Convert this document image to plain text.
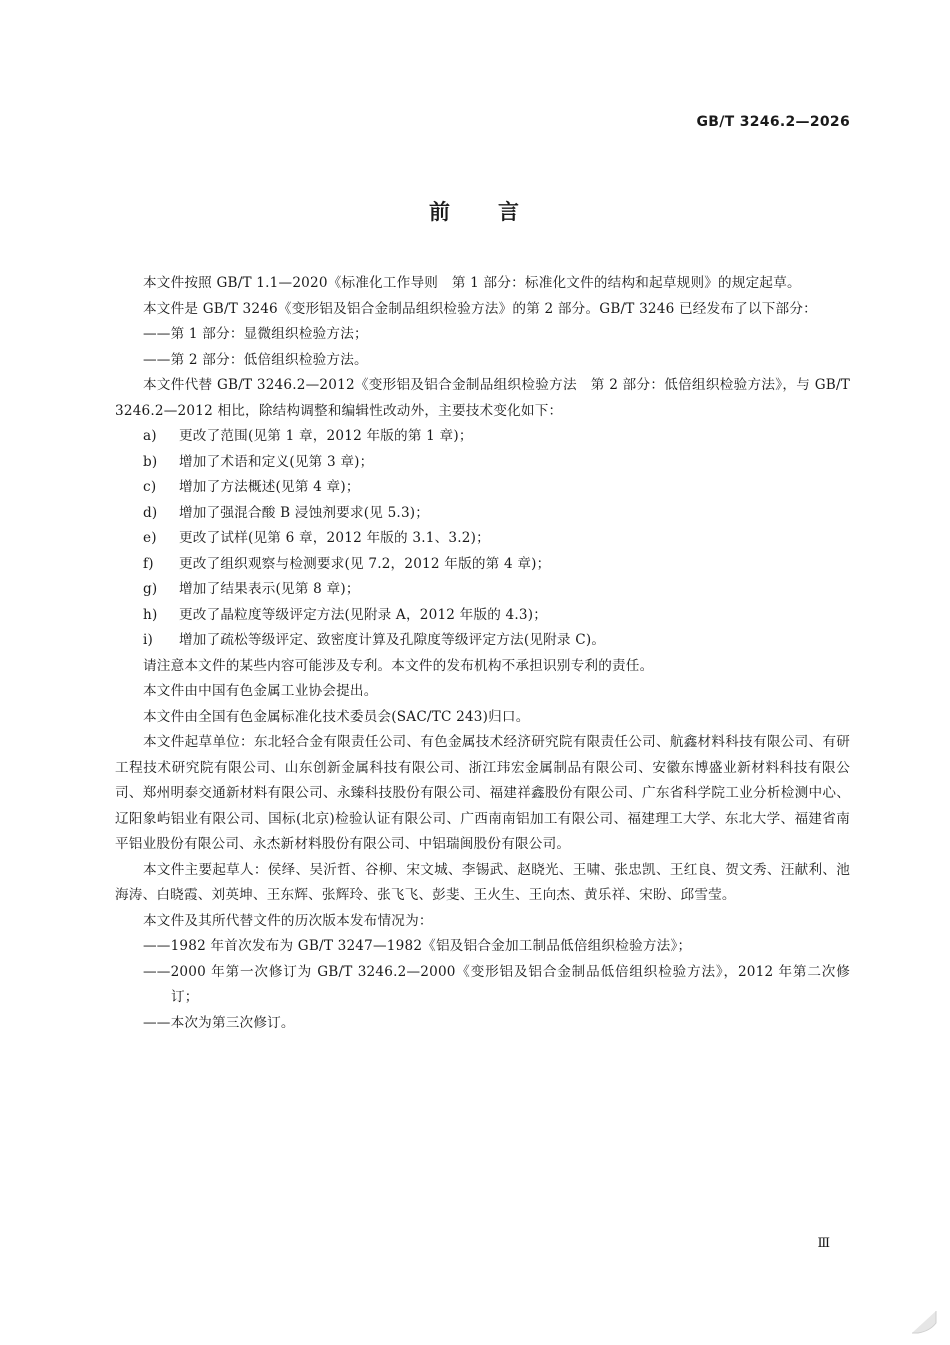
GB/T 3246.2—2026
前 言

本文件按照 GB/T 1.1—2020《标准化工作导则　第 1 部分：标准化文件的结构和起草规则》的规定起草。

本文件是 GB/T 3246《变形铝及铝合金制品组织检验方法》的第 2 部分。GB/T 3246 已经发布了以下部分：

——第 1 部分：显微组织检验方法；

——第 2 部分：低倍组织检验方法。

本文件代替 GB/T 3246.2—2012《变形铝及铝合金制品组织检验方法　第 2 部分：低倍组织检验方法》，与 GB/T 3246.2—2012 相比，除结构调整和编辑性改动外，主要技术变化如下：

a) 更改了范围(见第 1 章，2012 年版的第 1 章)；

b) 增加了术语和定义(见第 3 章)；

c) 增加了方法概述(见第 4 章)；

d) 增加了强混合酸 B 浸蚀剂要求(见 5.3)；

e) 更改了试样(见第 6 章，2012 年版的 3.1、3.2)；

f) 更改了组织观察与检测要求(见 7.2，2012 年版的第 4 章)；

g) 增加了结果表示(见第 8 章)；

h) 更改了晶粒度等级评定方法(见附录 A，2012 年版的 4.3)；

i) 增加了疏松等级评定、致密度计算及孔隙度等级评定方法(见附录 C)。

请注意本文件的某些内容可能涉及专利。本文件的发布机构不承担识别专利的责任。

本文件由中国有色金属工业协会提出。

本文件由全国有色金属标准化技术委员会(SAC/TC 243)归口。

本文件起草单位：东北轻合金有限责任公司、有色金属技术经济研究院有限责任公司、航鑫材料科技有限公司、有研工程技术研究院有限公司、山东创新金属科技有限公司、浙江玮宏金属制品有限公司、安徽东博盛业新材料科技有限公司、郑州明泰交通新材料有限公司、永臻科技股份有限公司、福建祥鑫股份有限公司、广东省科学院工业分析检测中心、辽阳象屿铝业有限公司、国标(北京)检验认证有限公司、广西南南铝加工有限公司、福建理工大学、东北大学、福建省南平铝业股份有限公司、永杰新材料股份有限公司、中铝瑞闽股份有限公司。

本文件主要起草人：侯绎、吴沂哲、谷柳、宋文城、李锡武、赵晓光、王啸、张忠凯、王红良、贺文秀、汪献利、池海涛、白晓霞、刘英坤、王东辉、张辉玲、张飞飞、彭斐、王火生、王向杰、黄乐祥、宋盼、邱雪莹。

本文件及其所代替文件的历次版本发布情况为：

——1982 年首次发布为 GB/T 3247—1982《铝及铝合金加工制品低倍组织检验方法》；

——2000 年第一次修订为 GB/T 3246.2—2000《变形铝及铝合金制品低倍组织检验方法》，2012 年第二次修订；

——本次为第三次修订。

Ⅲ
